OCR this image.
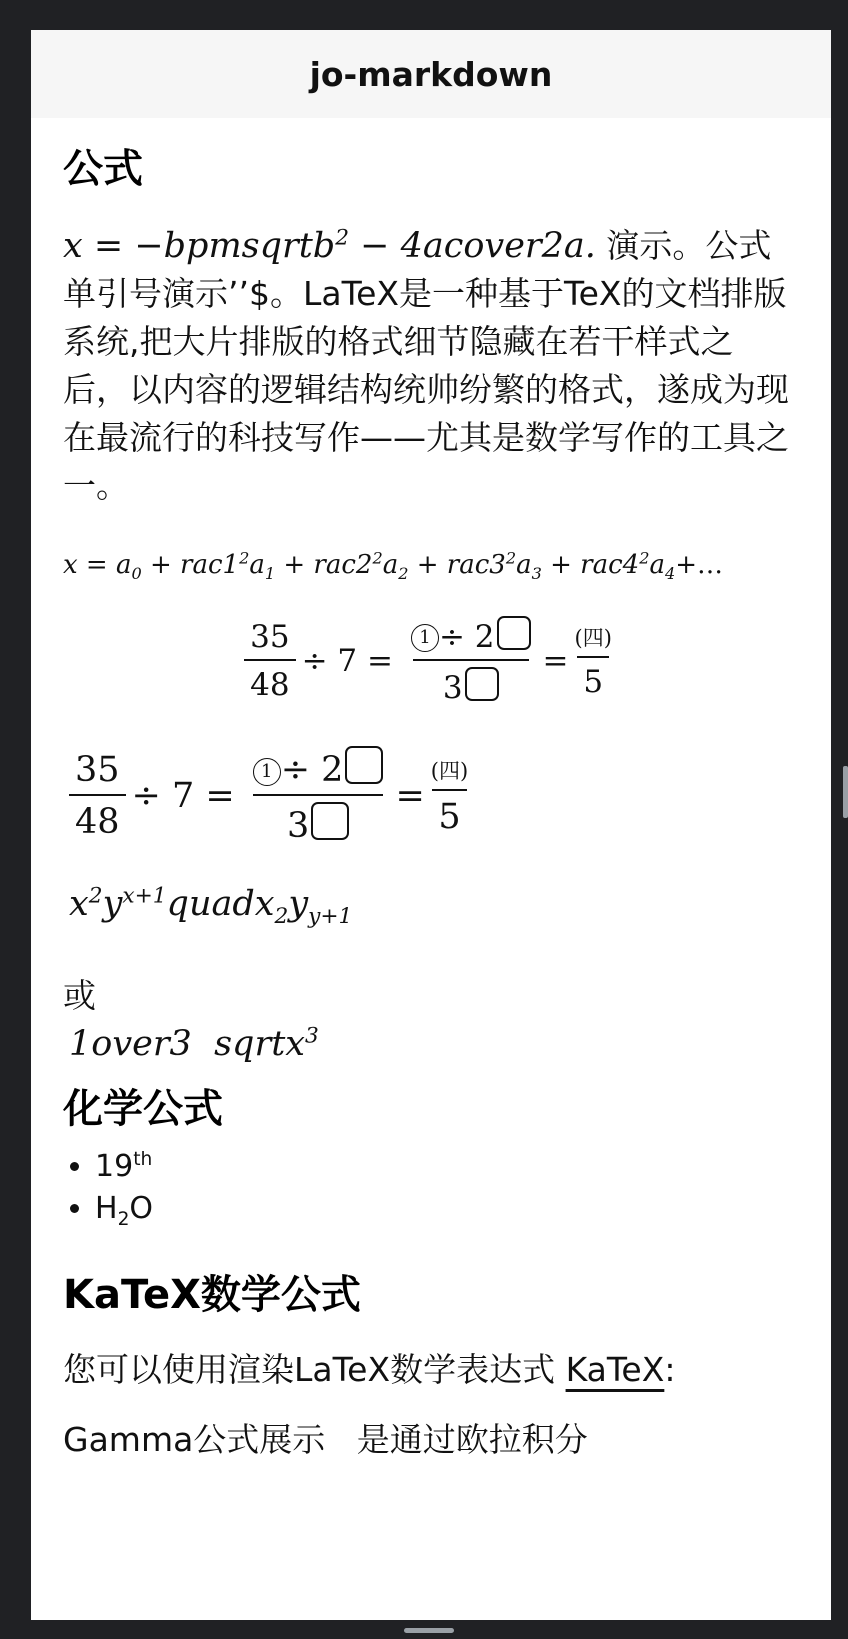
jo-markdown
公式

x = −bpmsqrtb$^2$ − 4acover2a. 演示。公式单引号演示’’$。LaTeX是一种基于TeX的文档排版系统,把大片排版的格式细节隐藏在若干样式之后，以内容的逻辑结构统帅纷繁的格式，遂成为现在最流行的科技写作——尤其是数学写作的工具之一。

$x = a_0 + rac1^2a_1 + rac2^2a_2 + rac3^2a_3$ + $rac4^2a_4+\dots$
$\frac{35}{48} \div 7 = \frac{1 \div 2}{3} = \frac{\text{(四)}}{5}$
$\frac{35}{48} \div 7 = \frac{1 \div 2}{3} = \frac{\text{(四)}}{5}$
$x^2y^{x+1}quadx_2y_{y+1}$

或

1over3 sqrtx$^3$
化学公式
• 19th
• $H_2O$
KaTeX数学公式

您可以使用渲染LaTeX数学表达式 KaTeX:

Gamma公式展示 是通过欧拉积分
